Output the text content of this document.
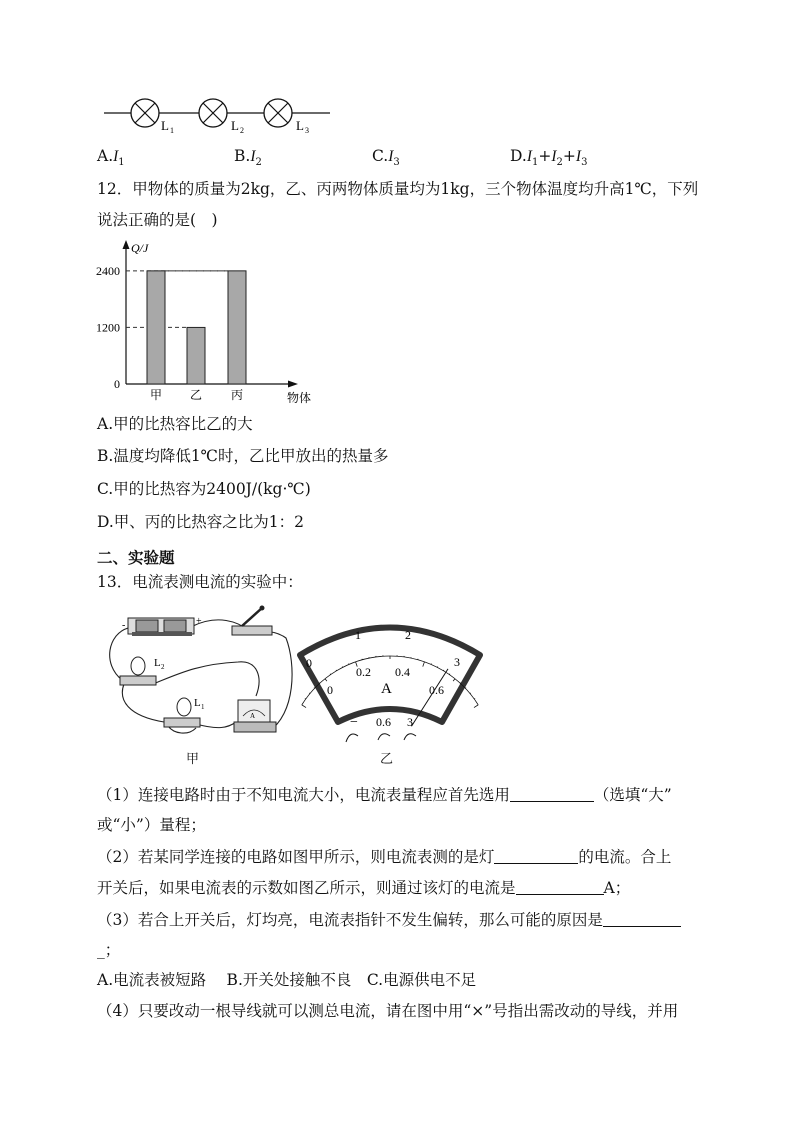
L 1	L 2	L 3
$A.I_1$	$B.I_2$	$C.I_3$	$D.I_1+I_2+I_3$
12．甲物体的质量为2kg，乙、丙两物体质量均为1kg，三个物体温度均升高1℃，下列
说法正确的是(　)
Q/J
物体
0
1200
2400
甲 乙 丙
A.甲的比热容比乙的大
B.温度均降低1℃时，乙比甲放出的热量多
C.甲的比热容为2400J/(kg·℃)
D.甲、丙的比热容之比为1：2
二、实验题
13．电流表测电流的实验中：
-	+
L 2
L 1
A
甲
0
1	2
3
0
0.2 0.4
0.6
A
− 0.6 3
乙
（1）连接电路时由于不知电流大小，电流表量程应首先选用	（选填“大”
或“小”）量程；
（2）若某同学连接的电路如图甲所示，则电流表测的是灯	的电流。合上
开关后，如果电流表的示数如图乙所示，则通过该灯的电流是	A；
（3）若合上开关后，灯均亮，电流表指针不发生偏转，那么可能的原因是
_；
A.电流表被短路　 B.开关处接触不良　C.电源供电不足
（4）只要改动一根导线就可以测总电流，请在图中用“×”号指出需改动的导线，并用
